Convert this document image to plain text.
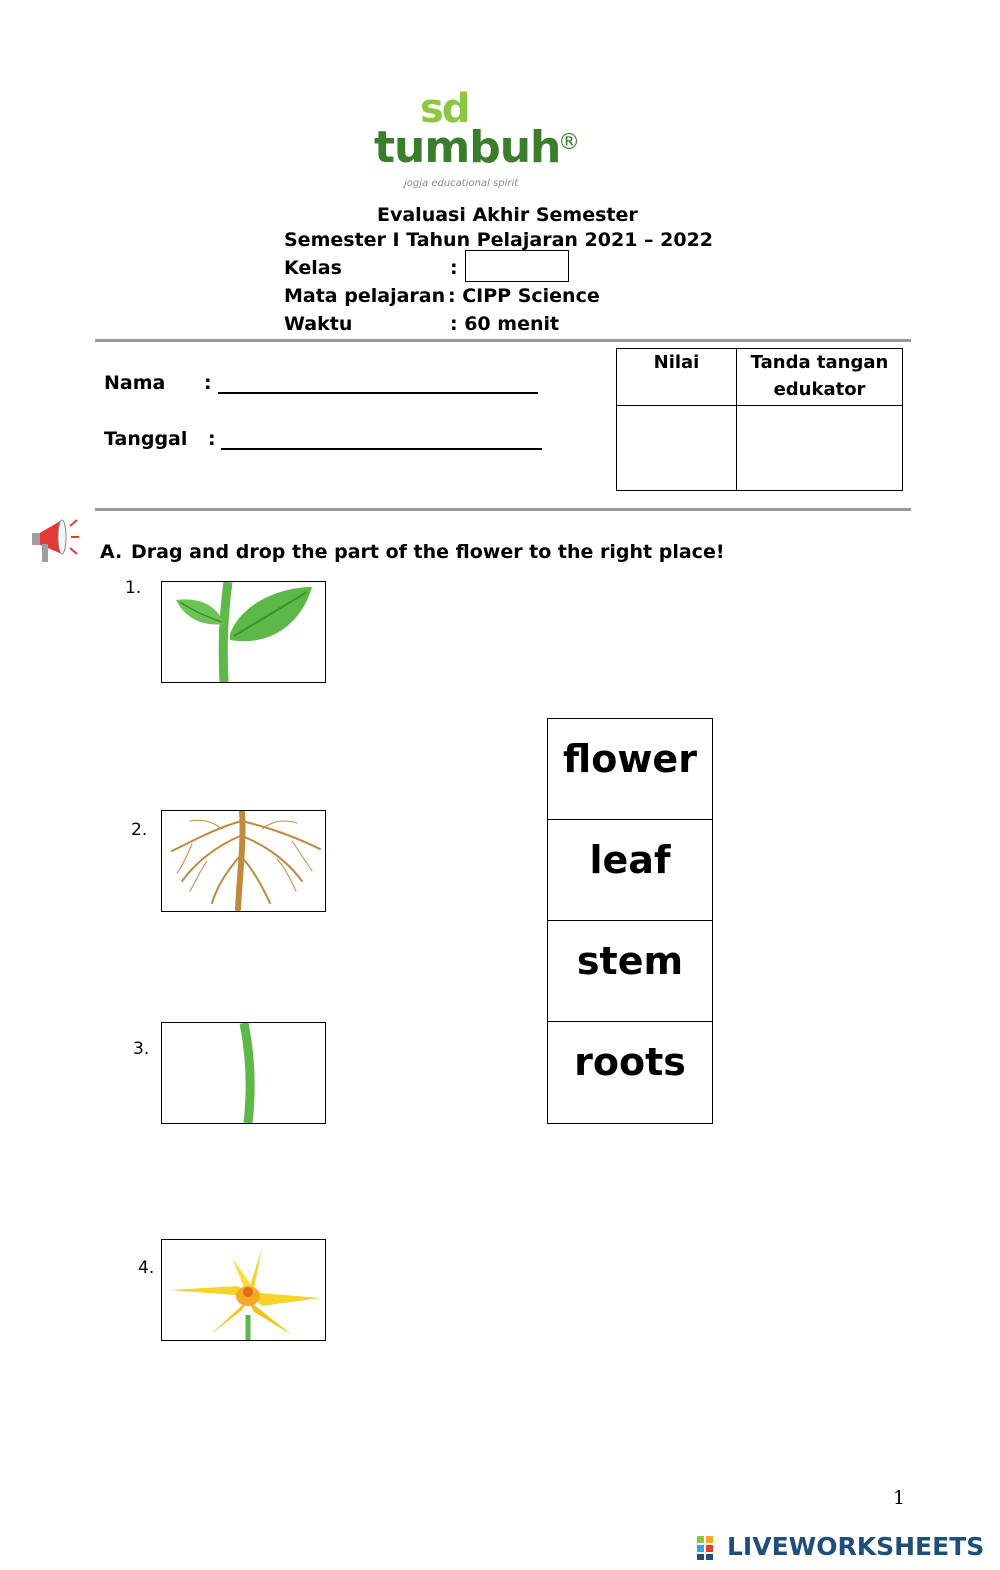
sd
tumbuh
®
jogja educational spirit
Evaluasi Akhir Semester
Semester I Tahun Pelajaran 2021 – 2022
Kelas	:
Mata pelajaran : CIPP Science
Waktu	: 60 menit
Nama :
Tanggal :
Nilai	Tanda tangan
edukator
A. Drag and drop the part of the flower to the right place!
1.
2.
3.
4.
flower
leaf
stem
roots
1
LIVEWORKSHEETS
